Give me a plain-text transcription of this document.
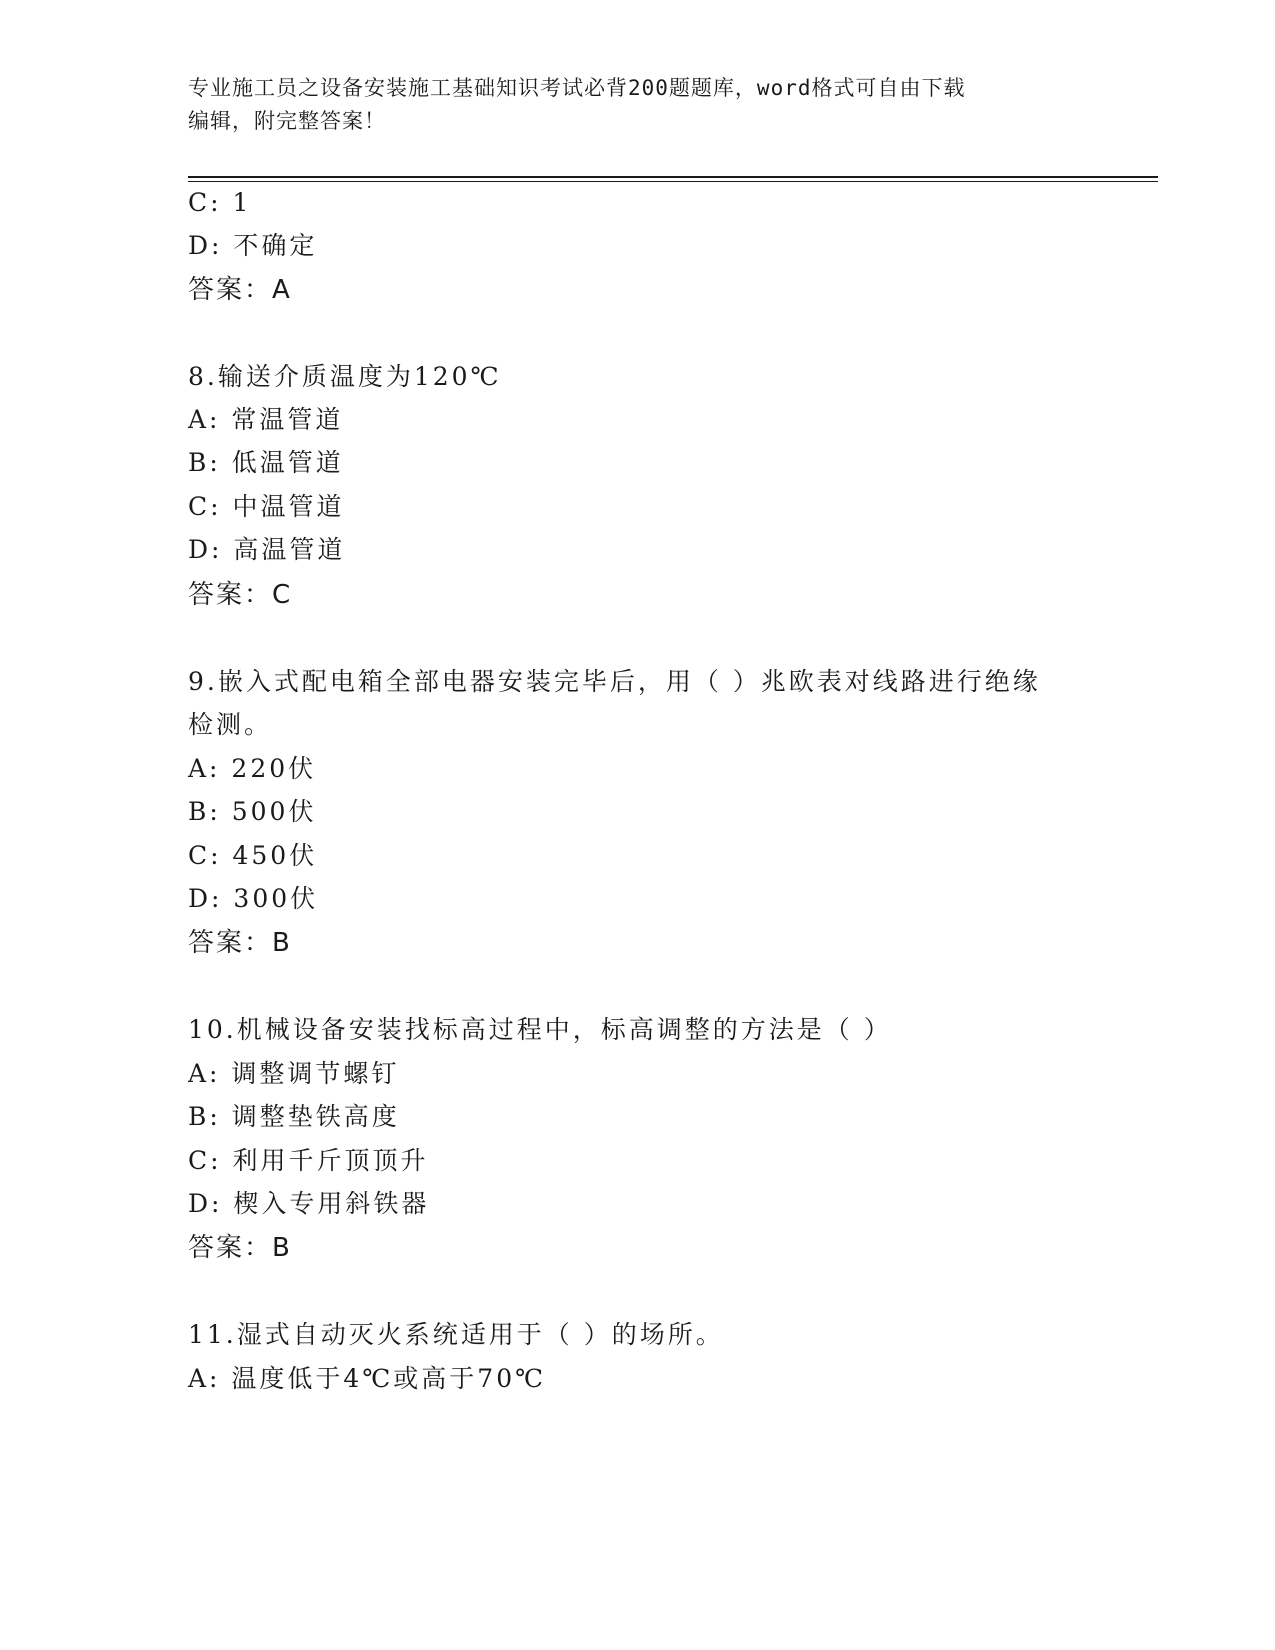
专业施工员之设备安装施工基础知识考试必背200题题库，word格式可自由下载
编辑，附完整答案！
C: 1
D: 不确定
答案：A
8.输送介质温度为120℃
A: 常温管道
B: 低温管道
C: 中温管道
D: 高温管道
答案：C
9.嵌入式配电箱全部电器安装完毕后，用（ ）兆欧表对线路进行绝缘
检测。
A: 220伏
B: 500伏
C: 450伏
D: 300伏
答案：B
10.机械设备安装找标高过程中，标高调整的方法是（ ）
A: 调整调节螺钉
B: 调整垫铁高度
C: 利用千斤顶顶升
D: 楔入专用斜铁器
答案：B
11.湿式自动灭火系统适用于（ ）的场所。
A: 温度低于4℃或高于70℃
